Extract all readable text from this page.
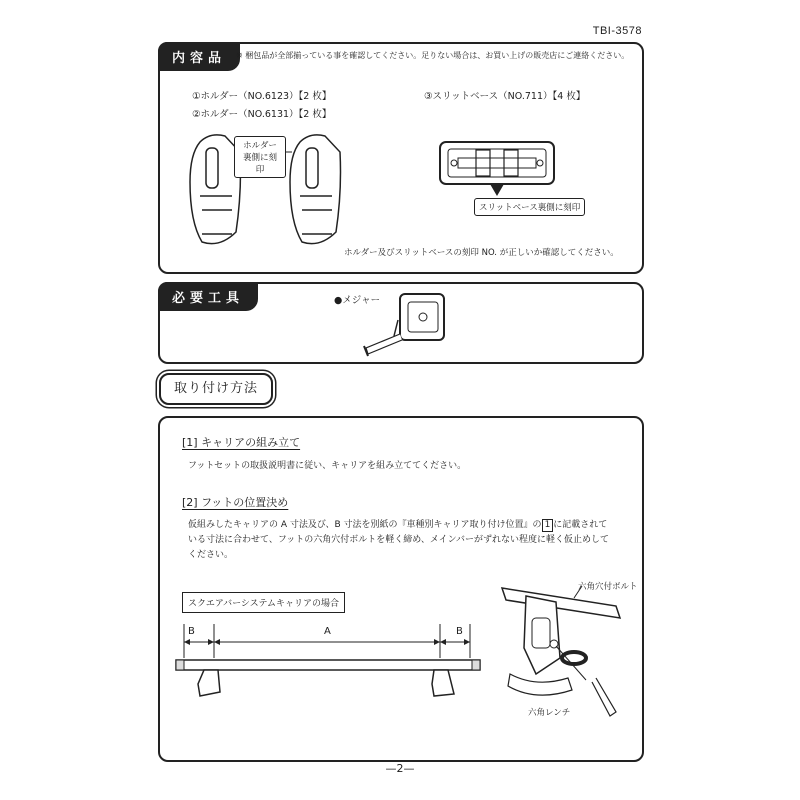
TBI-3578
内容品	※ 梱包品が全部揃っている事を確認してください。足りない場合は、お買い上げの販売店にご連絡ください。
①ホルダー（NO.6123）【2 枚】
②ホルダー（NO.6131）【2 枚】
③スリットベース（NO.711）【4 枚】
ホルダー
裏側に刻印
スリットベース裏側に刻印
ホルダー及びスリットベースの刻印 NO. が正しいか確認してください。
必要工具	●メジャー
取り付け方法
[1] キャリアの組み立て
フットセットの取扱説明書に従い、キャリアを組み立ててください。
[2] フットの位置決め
仮組みしたキャリアの A 寸法及び、B 寸法を別紙の『車種別キャリア取り付け位置』の 1 に記載されて
いる寸法に合わせて、フットの六角穴付ボルトを軽く締め、メインバーがずれない程度に軽く仮止めして
ください。
B	A	B
スクエアバーシステムキャリアの場合
六角穴付ボルト
六角レンチ
—2—
